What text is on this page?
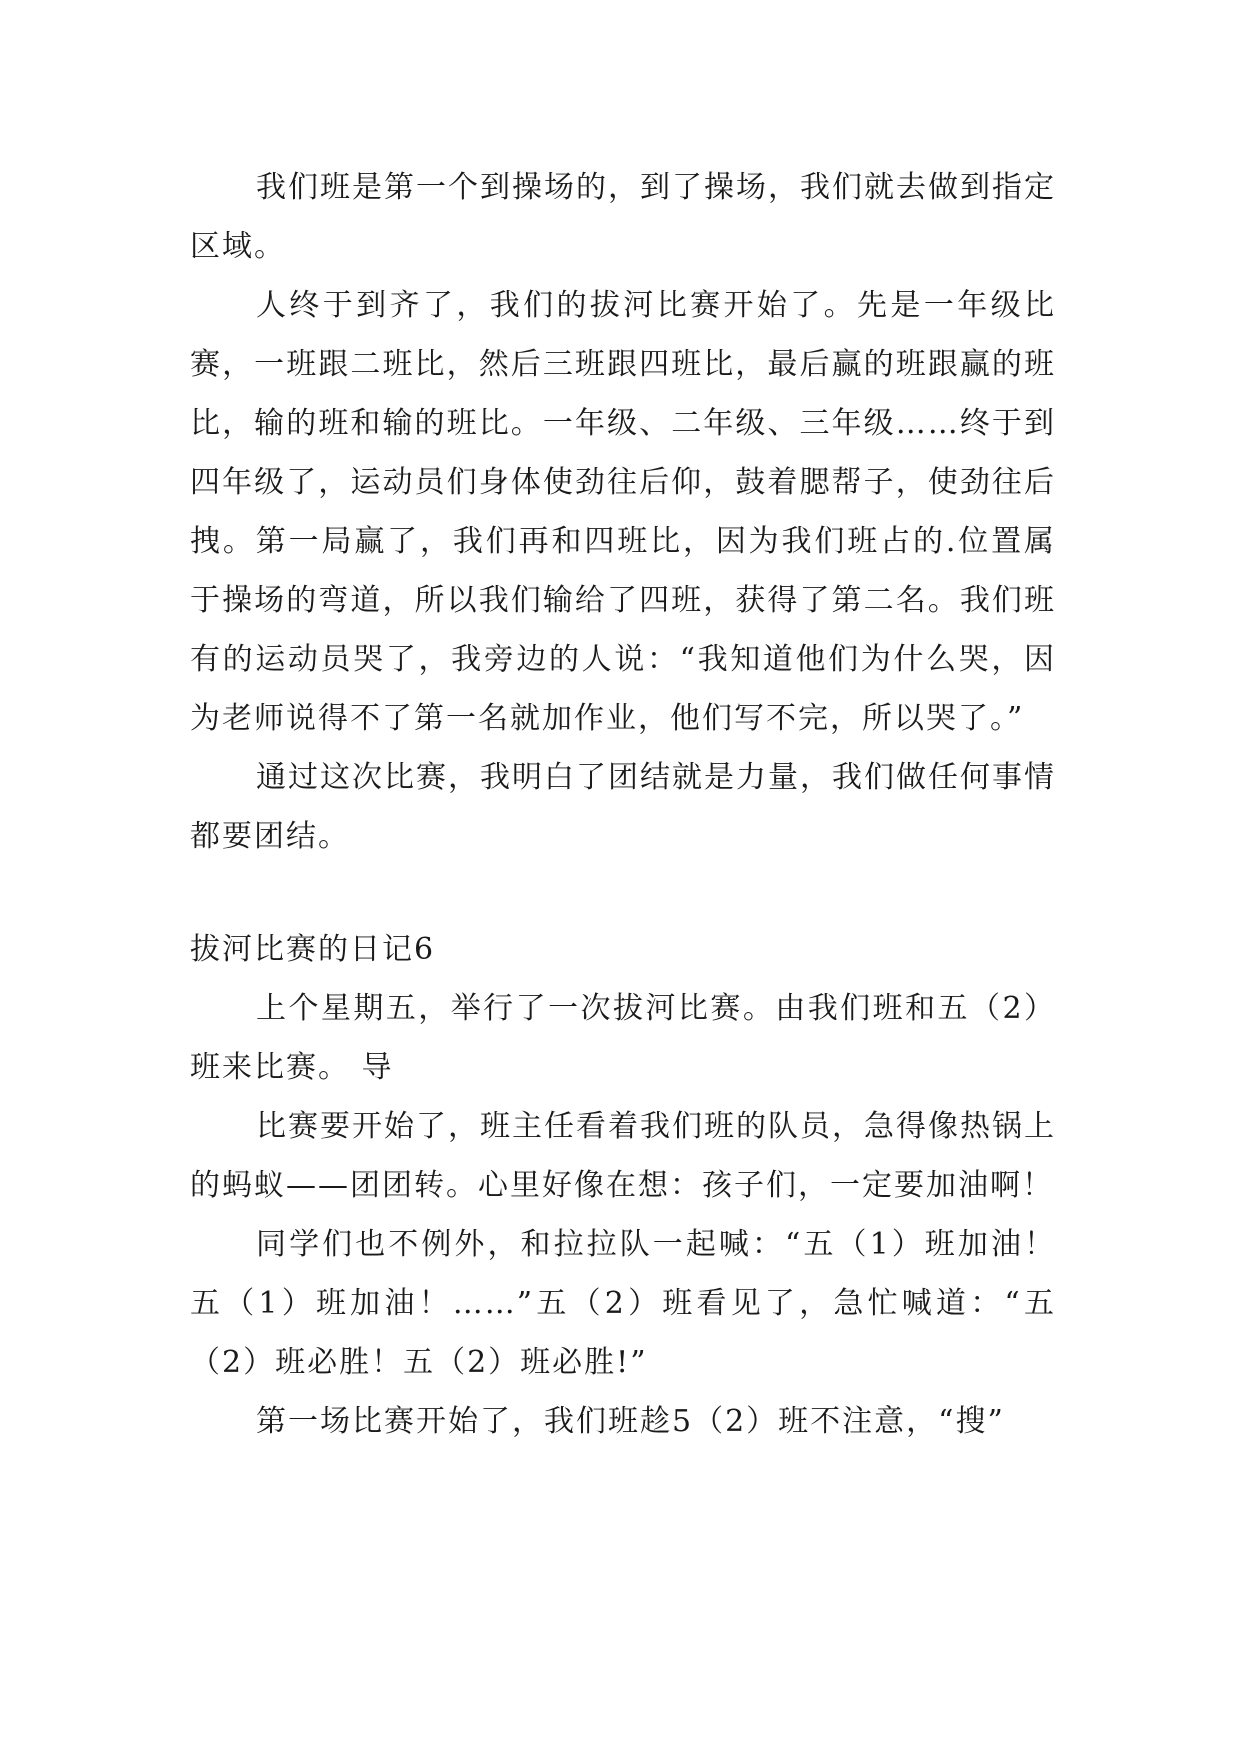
我们班是第一个到操场的，到了操场，我们就去做到指定区域。

人终于到齐了，我们的拔河比赛开始了。先是一年级比赛，一班跟二班比，然后三班跟四班比，最后赢的班跟赢的班比，输的班和输的班比。一年级、二年级、三年级……终于到四年级了，运动员们身体使劲往后仰，鼓着腮帮子，使劲往后拽。第一局赢了，我们再和四班比，因为我们班占的.位置属于操场的弯道，所以我们输给了四班，获得了第二名。我们班有的运动员哭了，我旁边的人说：“我知道他们为什么哭，因为老师说得不了第一名就加作业，他们写不完，所以哭了。”

通过这次比赛，我明白了团结就是力量，我们做任何事情都要团结。

拔河比赛的日记6

上个星期五，举行了一次拔河比赛。由我们班和五（2）班来比赛。 导

比赛要开始了，班主任看着我们班的队员，急得像热锅上的蚂蚁——团团转。心里好像在想：孩子们，一定要加油啊！

同学们也不例外，和拉拉队一起喊：“五（1）班加油！五（1）班加油！……”五（2）班看见了，急忙喊道：“五（2）班必胜！五（2）班必胜!”

第一场比赛开始了，我们班趁5（2）班不注意，“搜”
